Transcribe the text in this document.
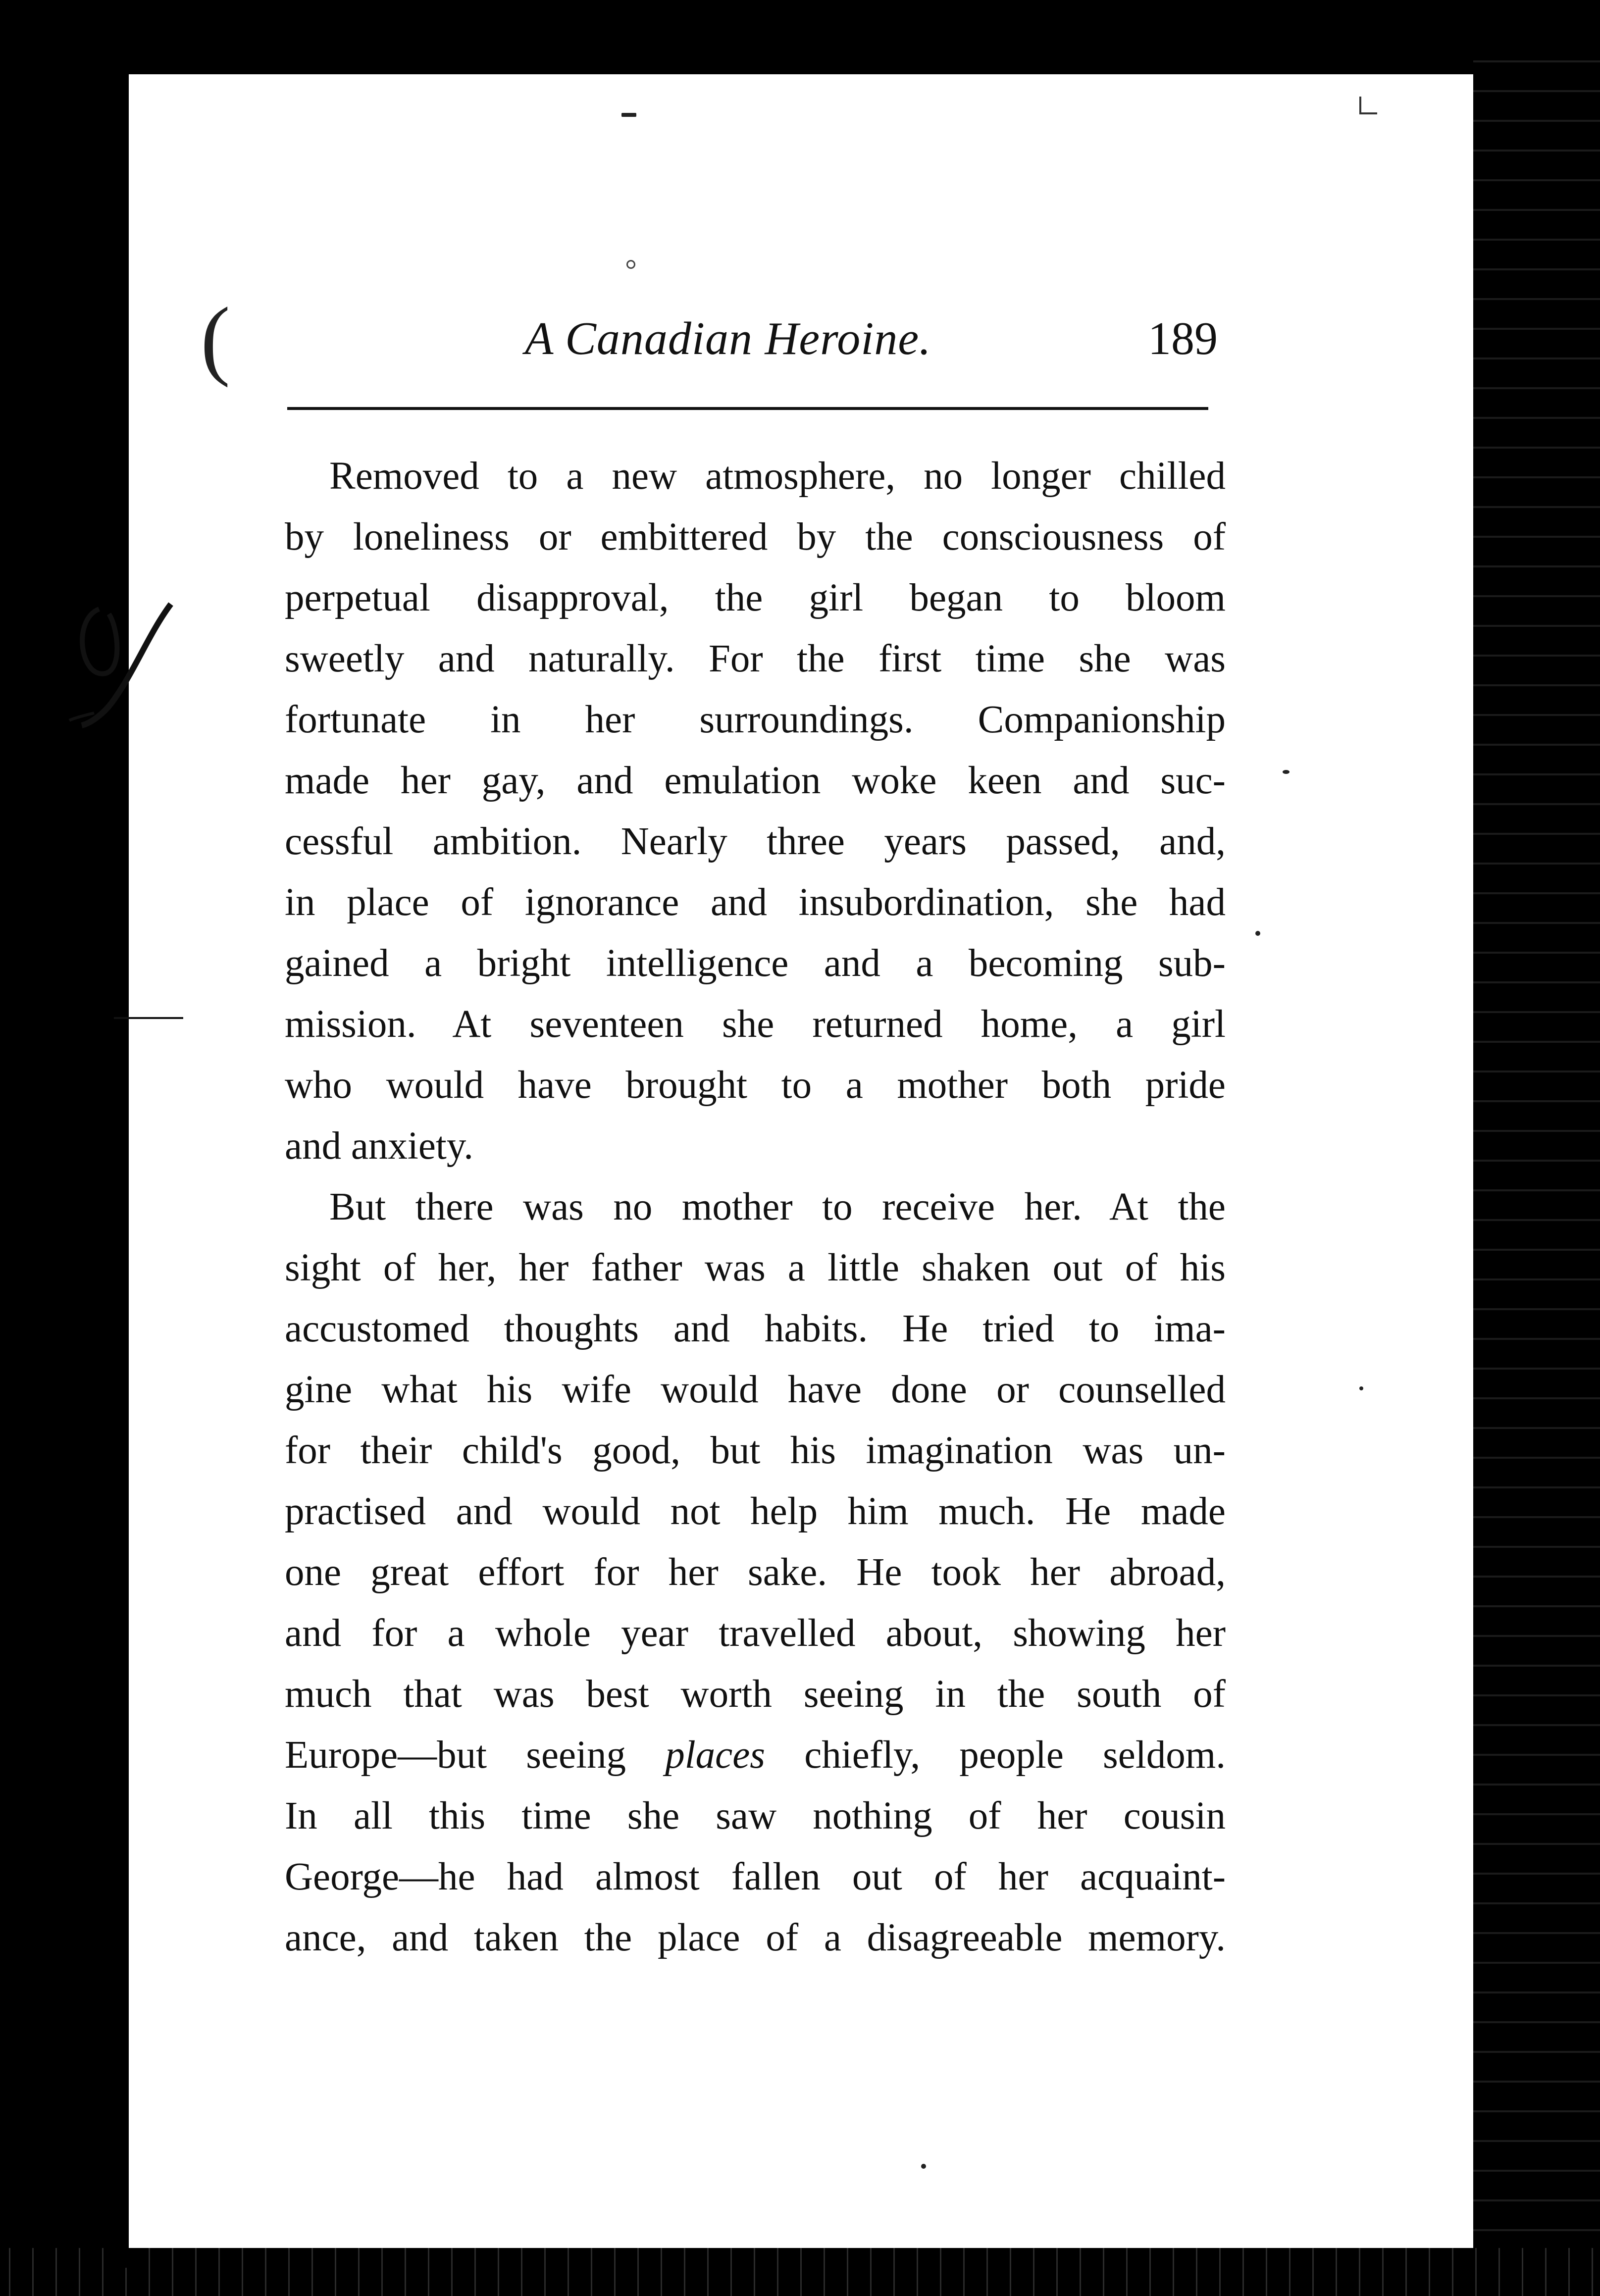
(	A Canadian Heroine.	189
Removed to a new atmosphere, no longer chilled
by loneliness or embittered by the consciousness of
perpetual disapproval, the girl began to bloom
sweetly and naturally. For the first time she was
fortunate in her surroundings. Companionship
made her gay, and emulation woke keen and suc-
cessful ambition. Nearly three years passed, and,
in place of ignorance and insubordination, she had
gained a bright intelligence and a becoming sub-
mission. At seventeen she returned home, a girl
who would have brought to a mother both pride
and anxiety.
But there was no mother to receive her. At the
sight of her, her father was a little shaken out of his
accustomed thoughts and habits. He tried to ima-
gine what his wife would have done or counselled
for their child's good, but his imagination was un-
practised and would not help him much. He made
one great effort for her sake. He took her abroad,
and for a whole year travelled about, showing her
much that was best worth seeing in the south of
Europe—but seeing places chiefly, people seldom.
In all this time she saw nothing of her cousin
George—he had almost fallen out of her acquaint-
ance, and taken the place of a disagreeable memory.
